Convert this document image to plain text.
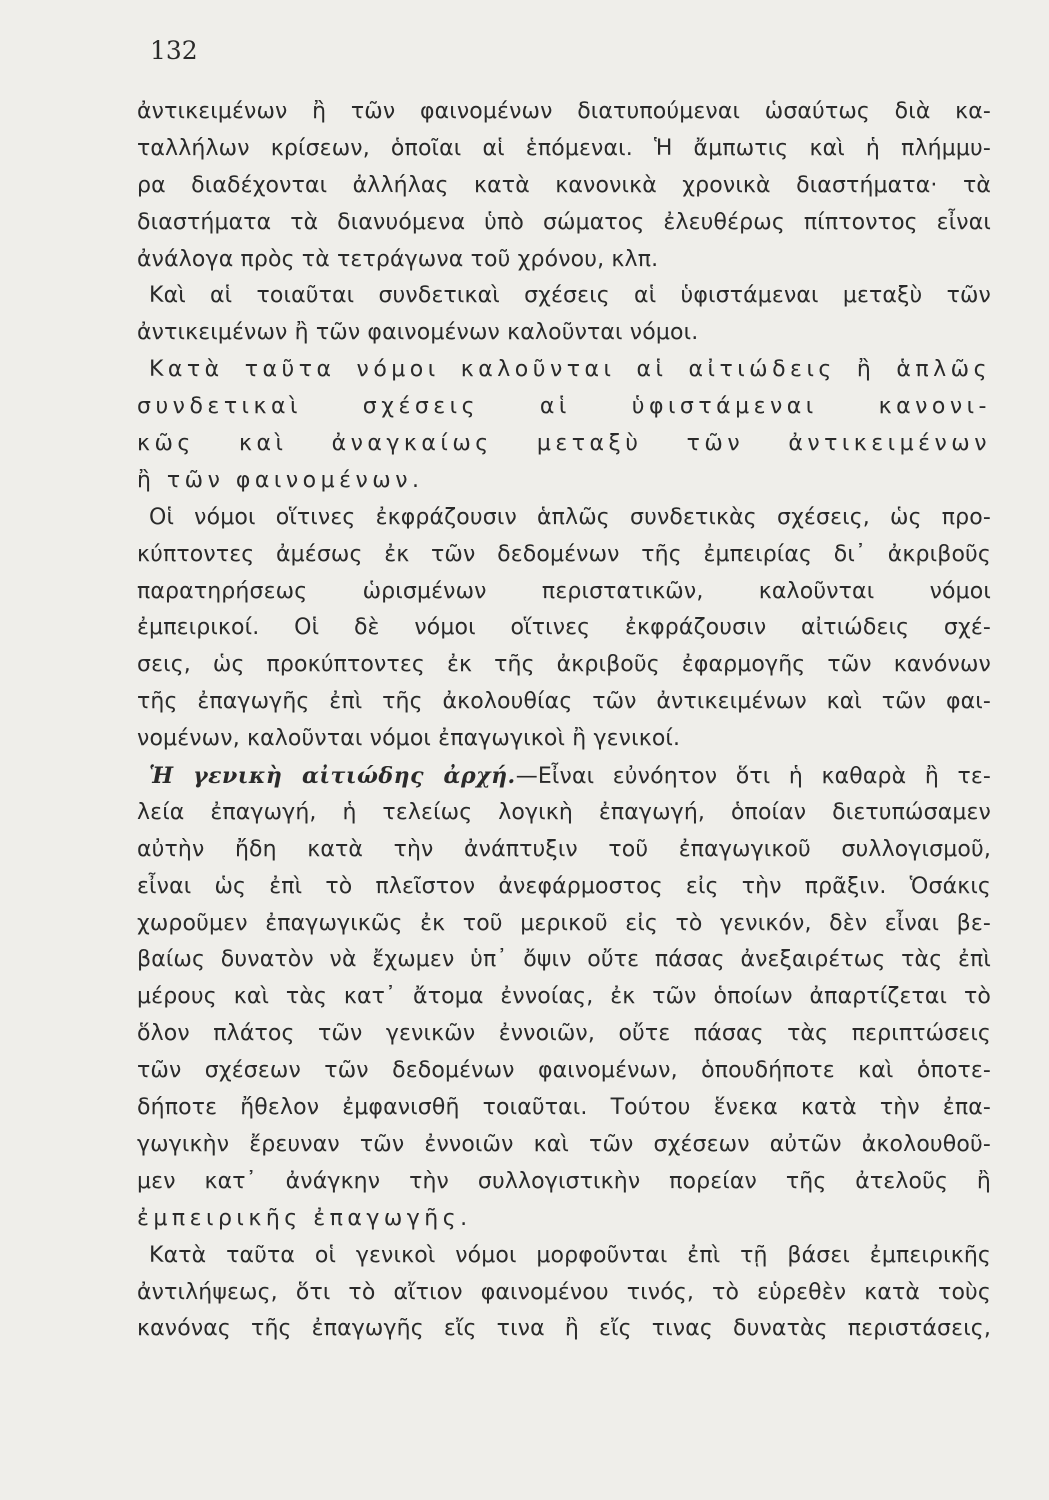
132
ἀντικειμένων ἢ τῶν φαινομένων διατυπούμεναι ὡσαύτως διὰ κα-
ταλλήλων κρίσεων, ὁποῖαι αἱ ἑπόμεναι. Ἡ ἄμπωτις καὶ ἡ πλήμμυ-
ρα διαδέχονται ἀλλήλας κατὰ κανονικὰ χρονικὰ διαστήματα· τὰ
διαστήματα τὰ διανυόμενα ὑπὸ σώματος ἐλευθέρως πίπτοντος εἶναι
ἀνάλογα πρὸς τὰ τετράγωνα τοῦ χρόνου, κλπ.
Καὶ αἱ τοιαῦται συνδετικαὶ σχέσεις αἱ ὑφιστάμεναι μεταξὺ τῶν
ἀντικειμένων ἢ τῶν φαινομένων καλοῦνται νόμοι.
Κατὰ ταῦτα νόμοι καλοῦνται αἱ αἰτιώδεις ἢ ἁπλῶς
συνδετικαὶ σχέσεις αἱ ὑφιστάμεναι κανονι-
κῶς καὶ ἀναγκαίως μεταξὺ τῶν ἀντικειμένων
ἢ τῶν φαινομένων.
Οἱ νόμοι οἵτινες ἐκφράζουσιν ἁπλῶς συνδετικὰς σχέσεις, ὡς προ-
κύπτοντες ἀμέσως ἐκ τῶν δεδομένων τῆς ἐμπειρίας δι᾿ ἀκριβοῦς
παρατηρήσεως ὡρισμένων περιστατικῶν, καλοῦνται νόμοι
ἐμπειρικοί. Οἱ δὲ νόμοι οἵτινες ἐκφράζουσιν αἰτιώδεις σχέ-
σεις, ὡς προκύπτοντες ἐκ τῆς ἀκριβοῦς ἐφαρμογῆς τῶν κανόνων
τῆς ἐπαγωγῆς ἐπὶ τῆς ἀκολουθίας τῶν ἀντικειμένων καὶ τῶν φαι-
νομένων, καλοῦνται νόμοι ἐπαγωγικοὶ ἢ γενικοί.
Ἡ γενικὴ αἰτιώδης ἀρχή.—Εἶναι εὐνόητον ὅτι ἡ καθαρὰ ἢ τε-
λεία ἐπαγωγή, ἡ τελείως λογικὴ ἐπαγωγή, ὁποίαν διετυπώσαμεν
αὐτὴν ἤδη κατὰ τὴν ἀνάπτυξιν τοῦ ἐπαγωγικοῦ συλλογισμοῦ,
εἶναι ὡς ἐπὶ τὸ πλεῖστον ἀνεφάρμοστος εἰς τὴν πρᾶξιν. Ὁσάκις
χωροῦμεν ἐπαγωγικῶς ἐκ τοῦ μερικοῦ εἰς τὸ γενικόν, δὲν εἶναι βε-
βαίως δυνατὸν νὰ ἔχωμεν ὑπ᾿ ὄψιν οὔτε πάσας ἀνεξαιρέτως τὰς ἐπὶ
μέρους καὶ τὰς κατ᾿ ἄτομα ἐννοίας, ἐκ τῶν ὁποίων ἀπαρτίζεται τὸ
ὅλον πλάτος τῶν γενικῶν ἐννοιῶν, οὔτε πάσας τὰς περιπτώσεις
τῶν σχέσεων τῶν δεδομένων φαινομένων, ὁπουδήποτε καὶ ὁποτε-
δήποτε ἤθελον ἐμφανισθῆ τοιαῦται. Τούτου ἕνεκα κατὰ τὴν ἐπα-
γωγικὴν ἔρευναν τῶν ἐννοιῶν καὶ τῶν σχέσεων αὐτῶν ἀκολουθοῦ-
μεν κατ᾿ ἀνάγκην τὴν συλλογιστικὴν πορείαν τῆς ἀτελοῦς ἢ
ἐμπειρικῆς ἐπαγωγῆς.
Κατὰ ταῦτα οἱ γενικοὶ νόμοι μορφοῦνται ἐπὶ τῇ βάσει ἐμπειρικῆς
ἀντιλήψεως, ὅτι τὸ αἴτιον φαινομένου τινός, τὸ εὑρεθὲν κατὰ τοὺς
κανόνας τῆς ἐπαγωγῆς εἴς τινα ἢ εἴς τινας δυνατὰς περιστάσεις,
